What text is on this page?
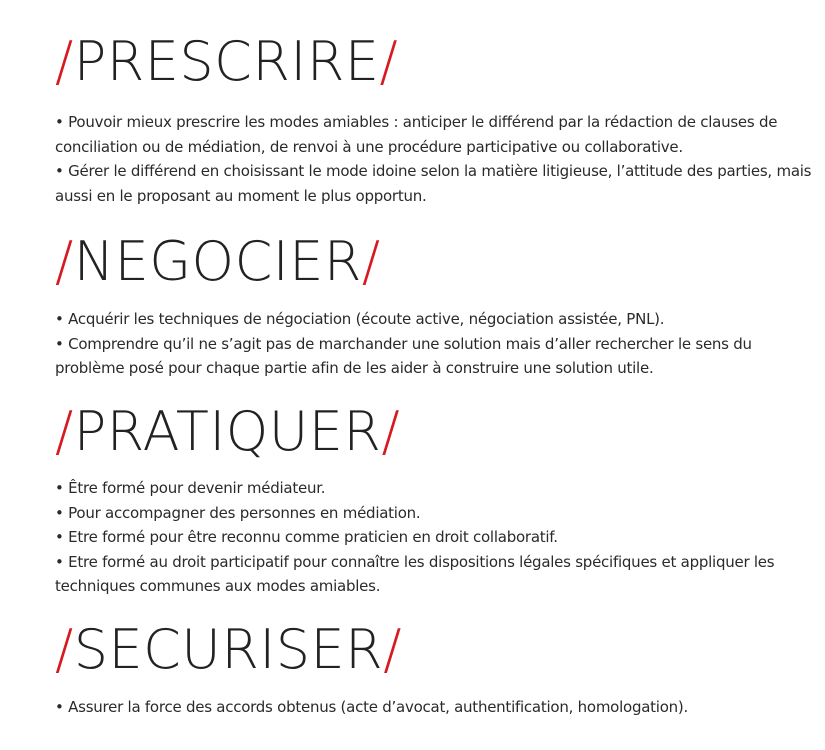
/PRESCRIRE/
• Pouvoir mieux prescrire les modes amiables : anticiper le différend par la rédaction de clauses de conciliation ou de médiation, de renvoi à une procédure participative ou collaborative.
• Gérer le différend en choisissant le mode idoine selon la matière litigieuse, l’attitude des parties, mais aussi en le proposant au moment le plus opportun.
/NEGOCIER/
• Acquérir les techniques de négociation (écoute active, négociation assistée, PNL).
• Comprendre qu’il ne s’agit pas de marchander une solution mais d’aller rechercher le sens du problème posé pour chaque partie afin de les aider à construire une solution utile.
/PRATIQUER/
• Être formé pour devenir médiateur.
• Pour accompagner des personnes en médiation.
• Etre formé pour être reconnu comme praticien en droit collaboratif.
• Etre formé au droit participatif pour connaître les dispositions légales spécifiques et appliquer les techniques communes aux modes amiables.
/SECURISER/
• Assurer la force des accords obtenus (acte d’avocat, authentification, homologation).
